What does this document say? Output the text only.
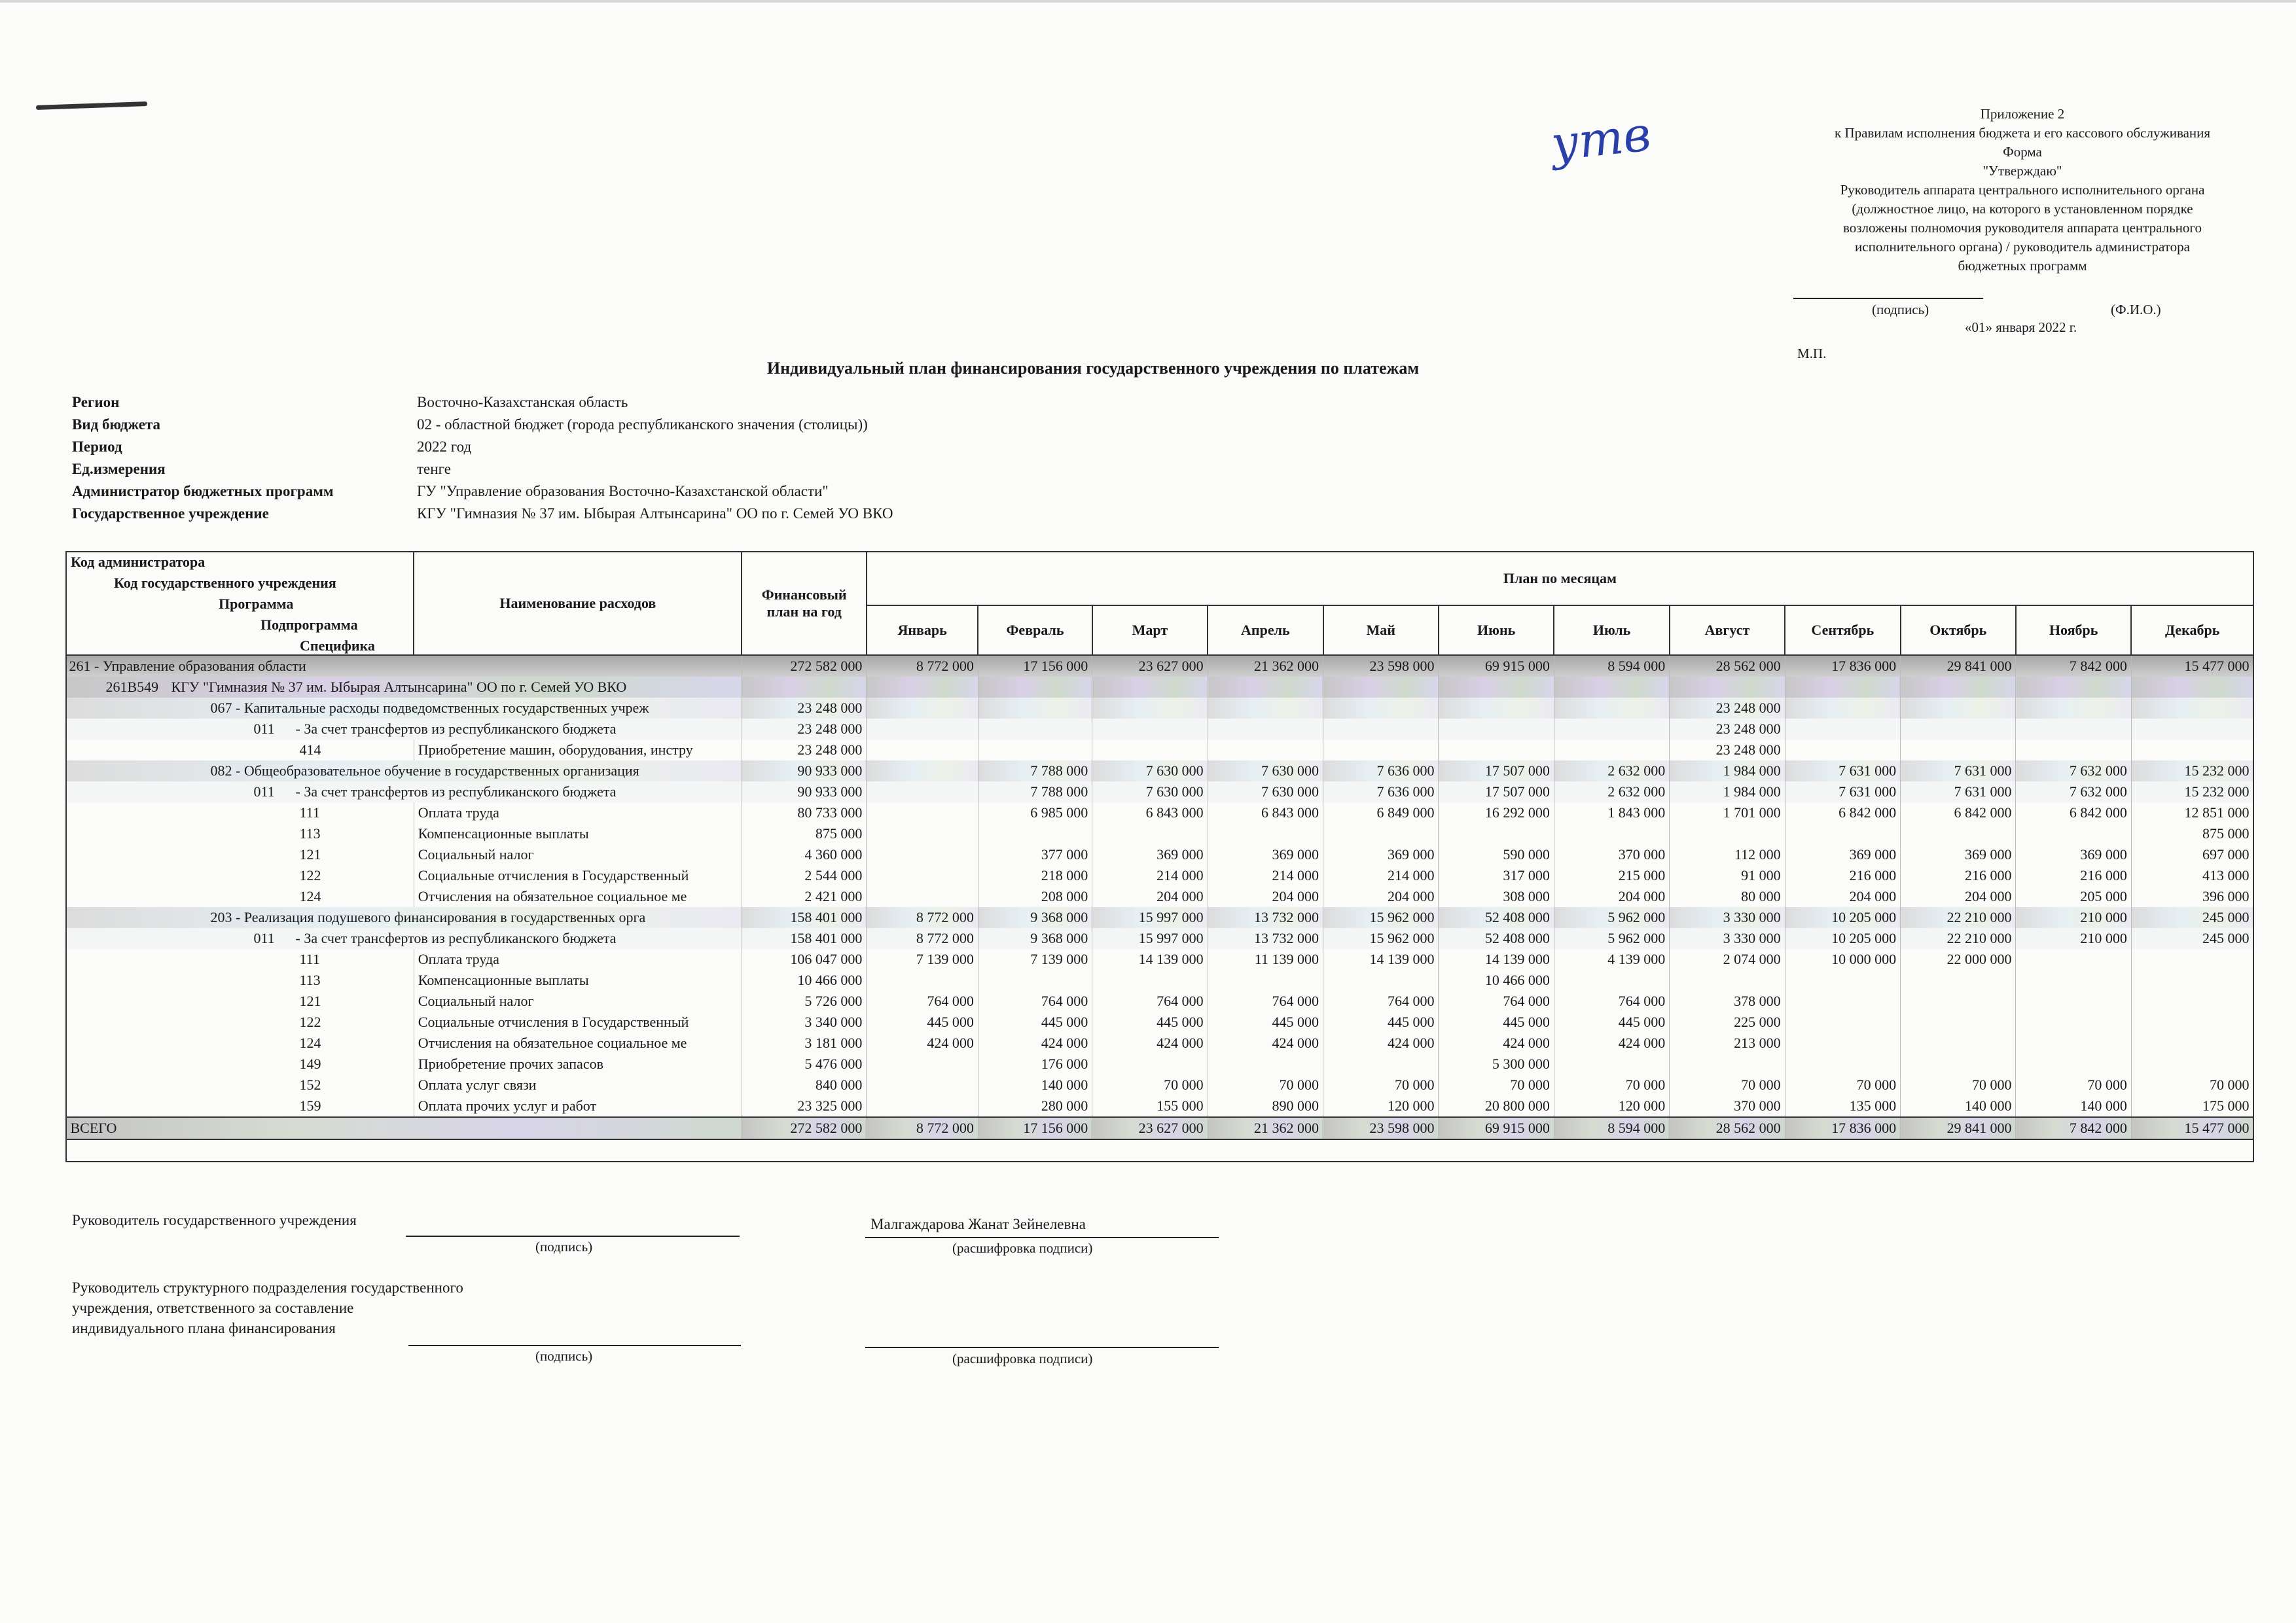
утв	Приложение 2
к Правилам исполнения бюджета и его кассового обслуживания
Форма
"Утверждаю"
Руководитель аппарата центрального исполнительного органа
(должностное лицо, на которого в установленном порядке
возложены полномочия руководителя аппарата центрального
исполнительного органа) / руководитель администратора
бюджетных программ
(подпись)	(Ф.И.О.)
«01» января 2022 г.
М.П.
Индивидуальный план финансирования государственного учреждения по платежам
Регион	Восточно-Казахстанская область
Вид бюджета	02 - областной бюджет (города республиканского значения (столицы))
Период	2022 год
Ед.измерения	тенге
Администратор бюджетных программ	ГУ "Управление образования Восточно-Казахстанской области"
Государственное учреждение	КГУ "Гимназия № 37 им. Ыбырая Алтынсарина" ОО по г. Семей УО ВКО
Код администратора
Код государственного учреждения
Программа
Подпрограмма
Специфика	Наименование расходов	Финансовый план на год	План по месяцам											
			Январь	Февраль	Март	Апрель	Май	Июнь	Июль	Август	Сентябрь	Октябрь	Ноябрь	Декабрь

261 - Управление образования области		272 582 000	8 772 000	17 156 000	23 627 000	21 362 000	23 598 000	69 915 000	8 594 000	28 562 000	17 836 000	29 841 000	7 842 000	15 477 000

261B549 КГУ "Гимназия № 37 им. Ыбырая Алтынсарина" ОО по г. Семей УО ВКО														

067 - Капитальные расходы подведомственных государственных учреж		23 248 000								23 248 000				

011 - За счет трансфертов из республиканского бюджета		23 248 000								23 248 000				

414	Приобретение машин, оборудования, инстру	23 248 000								23 248 000				

082 - Общеобразовательное обучение в государственных организация		90 933 000		7 788 000	7 630 000	7 630 000	7 636 000	17 507 000	2 632 000	1 984 000	7 631 000	7 631 000	7 632 000	15 232 000

011 - За счет трансфертов из республиканского бюджета		90 933 000		7 788 000	7 630 000	7 630 000	7 636 000	17 507 000	2 632 000	1 984 000	7 631 000	7 631 000	7 632 000	15 232 000

111	Оплата труда	80 733 000		6 985 000	6 843 000	6 843 000	6 849 000	16 292 000	1 843 000	1 701 000	6 842 000	6 842 000	6 842 000	12 851 000

113	Компенсационные выплаты	875 000												875 000

121	Социальный налог	4 360 000		377 000	369 000	369 000	369 000	590 000	370 000	112 000	369 000	369 000	369 000	697 000

122	Социальные отчисления в Государственный	2 544 000		218 000	214 000	214 000	214 000	317 000	215 000	91 000	216 000	216 000	216 000	413 000

124	Отчисления на обязательное социальное ме	2 421 000		208 000	204 000	204 000	204 000	308 000	204 000	80 000	204 000	204 000	205 000	396 000

203 - Реализация подушевого финансирования в государственных орга		158 401 000	8 772 000	9 368 000	15 997 000	13 732 000	15 962 000	52 408 000	5 962 000	3 330 000	10 205 000	22 210 000	210 000	245 000

011 - За счет трансфертов из республиканского бюджета		158 401 000	8 772 000	9 368 000	15 997 000	13 732 000	15 962 000	52 408 000	5 962 000	3 330 000	10 205 000	22 210 000	210 000	245 000

111	Оплата труда	106 047 000	7 139 000	7 139 000	14 139 000	11 139 000	14 139 000	14 139 000	4 139 000	2 074 000	10 000 000	22 000 000		

113	Компенсационные выплаты	10 466 000						10 466 000						

121	Социальный налог	5 726 000	764 000	764 000	764 000	764 000	764 000	764 000	764 000	378 000				

122	Социальные отчисления в Государственный	3 340 000	445 000	445 000	445 000	445 000	445 000	445 000	445 000	225 000				

124	Отчисления на обязательное социальное ме	3 181 000	424 000	424 000	424 000	424 000	424 000	424 000	424 000	213 000				

149	Приобретение прочих запасов	5 476 000		176 000				5 300 000						

152	Оплата услуг связи	840 000		140 000	70 000	70 000	70 000	70 000	70 000	70 000	70 000	70 000	70 000	70 000

159	Оплата прочих услуг и работ	23 325 000		280 000	155 000	890 000	120 000	20 800 000	120 000	370 000	135 000	140 000	140 000	175 000
ВСЕГО		272 582 000	8 772 000	17 156 000	23 627 000	21 362 000	23 598 000	69 915 000	8 594 000	28 562 000	17 836 000	29 841 000	7 842 000	15 477 000
Руководитель государственного учреждения
(подпись)
Малгаждарова Жанат Зейнелевна
(расшифровка подписи)
Руководитель структурного подразделения государственного
учреждения, ответственного за составление
индивидуального плана финансирования
(подпись)	(расшифровка подписи)
